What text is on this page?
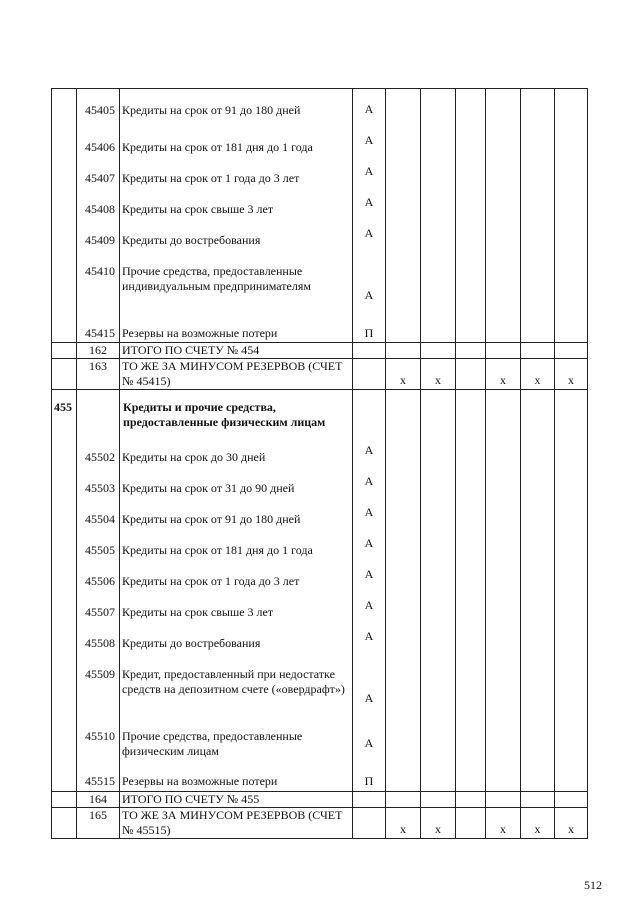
	45405	Кредиты на срок от 91 до 180 дней	А						
	45406	Кредиты на срок от 181 дня до 1 года	А						
	45407	Кредиты на срок от 1 года до 3 лет	А						
	45408	Кредиты на срок свыше 3 лет	А						
	45409	Кредиты до востребования	А						
	45410	Прочие средства, предоставленные индивидуальным предпринимателям	А						
	45415	Резервы на возможные потери	П						
	162	ИТОГО ПО СЧЕТУ № 454							
	163	ТО ЖЕ ЗА МИНУСОМ РЕЗЕРВОВ (СЧЕТ № 45415)		х	х		х	х	х
455		Кредиты и прочие средства, предоставленные физическим лицам							
	45502	Кредиты на срок до 30 дней	А						
	45503	Кредиты на срок от 31 до 90 дней	А						
	45504	Кредиты на срок от 91 до 180 дней	А						
	45505	Кредиты на срок от 181 дня до 1 года	А						
	45506	Кредиты на срок от 1 года до 3 лет	А						
	45507	Кредиты на срок свыше 3 лет	А						
	45508	Кредиты до востребования	А						
	45509	Кредит, предоставленный при недостатке средств на депозитном счете («овердрафт»)	А						
	45510	Прочие средства, предоставленные физическим лицам	А						
	45515	Резервы на возможные потери	П						
	164	ИТОГО ПО СЧЕТУ № 455							
	165	ТО ЖЕ ЗА МИНУСОМ РЕЗЕРВОВ (СЧЕТ № 45515)		х	х		х	х	х
512
